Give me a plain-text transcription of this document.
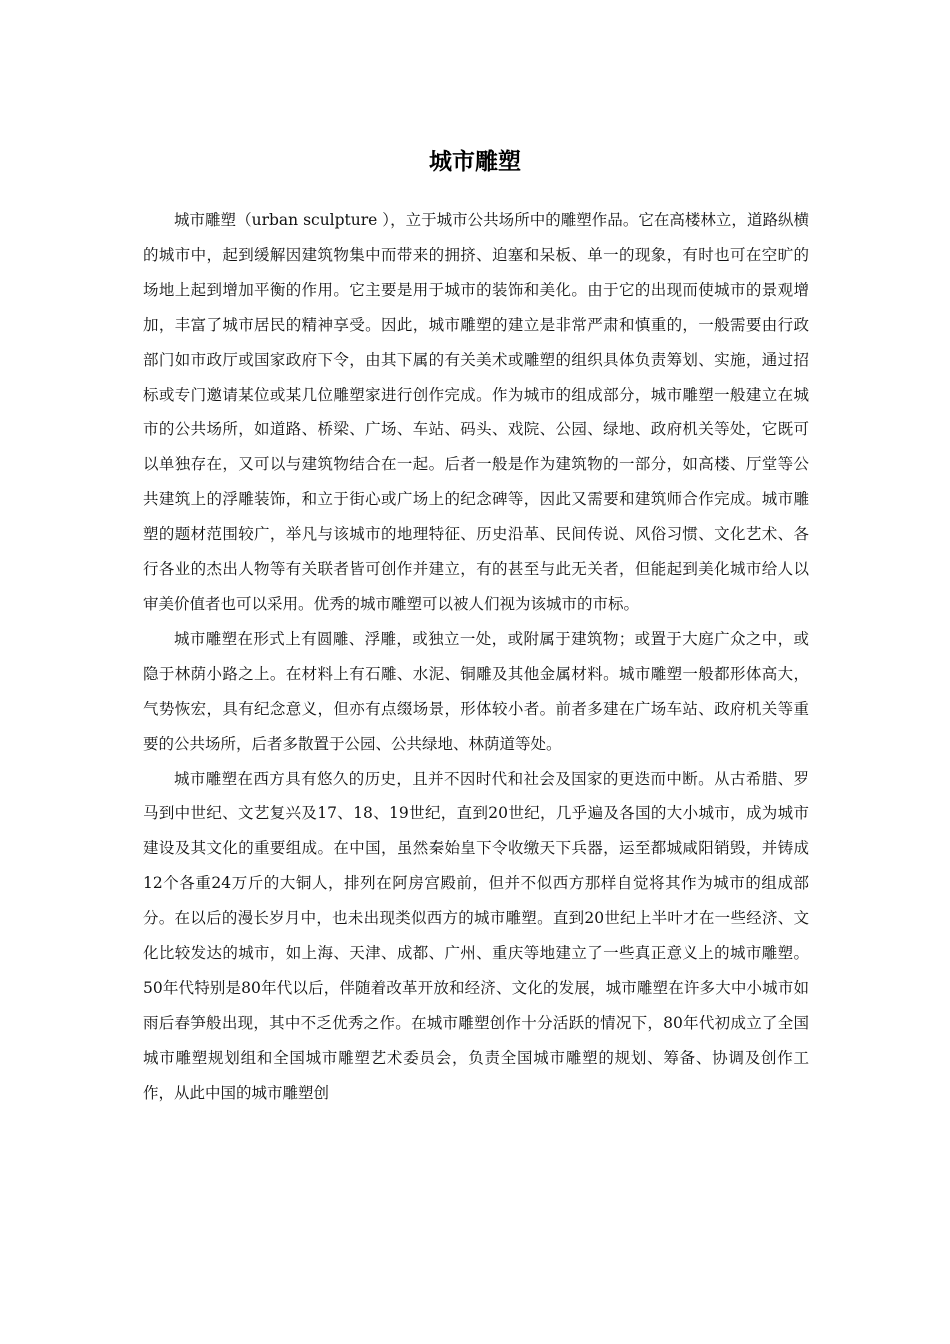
城市雕塑

城市雕塑（urban sculpture ），立于城市公共场所中的雕塑作品。它在高楼林立，道路纵横的城市中，起到缓解因建筑物集中而带来的拥挤、迫塞和呆板、单一的现象，有时也可在空旷的场地上起到增加平衡的作用。它主要是用于城市的装饰和美化。由于它的出现而使城市的景观增加，丰富了城市居民的精神享受。因此，城市雕塑的建立是非常严肃和慎重的，一般需要由行政部门如市政厅或国家政府下令，由其下属的有关美术或雕塑的组织具体负责筹划、实施，通过招标或专门邀请某位或某几位雕塑家进行创作完成。作为城市的组成部分，城市雕塑一般建立在城市的公共场所，如道路、桥梁、广场、车站、码头、戏院、公园、绿地、政府机关等处，它既可以单独存在，又可以与建筑物结合在一起。后者一般是作为建筑物的一部分，如高楼、厅堂等公共建筑上的浮雕装饰，和立于街心或广场上的纪念碑等，因此又需要和建筑师合作完成。城市雕塑的题材范围较广，举凡与该城市的地理特征、历史沿革、民间传说、风俗习惯、文化艺术、各行各业的杰出人物等有关联者皆可创作并建立，有的甚至与此无关者，但能起到美化城市给人以审美价值者也可以采用。优秀的城市雕塑可以被人们视为该城市的市标。

城市雕塑在形式上有圆雕、浮雕，或独立一处，或附属于建筑物；或置于大庭广众之中，或隐于林荫小路之上。在材料上有石雕、水泥、铜雕及其他金属材料。城市雕塑一般都形体高大，气势恢宏，具有纪念意义，但亦有点缀场景，形体较小者。前者多建在广场车站、政府机关等重要的公共场所，后者多散置于公园、公共绿地、林荫道等处。

城市雕塑在西方具有悠久的历史，且并不因时代和社会及国家的更迭而中断。从古希腊、罗马到中世纪、文艺复兴及17、18、19世纪，直到20世纪，几乎遍及各国的大小城市，成为城市建设及其文化的重要组成。在中国，虽然秦始皇下令收缴天下兵器，运至都城咸阳销毁，并铸成12个各重24万斤的大铜人，排列在阿房宫殿前，但并不似西方那样自觉将其作为城市的组成部分。在以后的漫长岁月中，也未出现类似西方的城市雕塑。直到20世纪上半叶才在一些经济、文化比较发达的城市，如上海、天津、成都、广州、重庆等地建立了一些真正意义上的城市雕塑。50年代特别是80年代以后，伴随着改革开放和经济、文化的发展，城市雕塑在许多大中小城市如雨后春笋般出现，其中不乏优秀之作。在城市雕塑创作十分活跃的情况下，80年代初成立了全国城市雕塑规划组和全国城市雕塑艺术委员会，负责全国城市雕塑的规划、筹备、协调及创作工作，从此中国的城市雕塑创
